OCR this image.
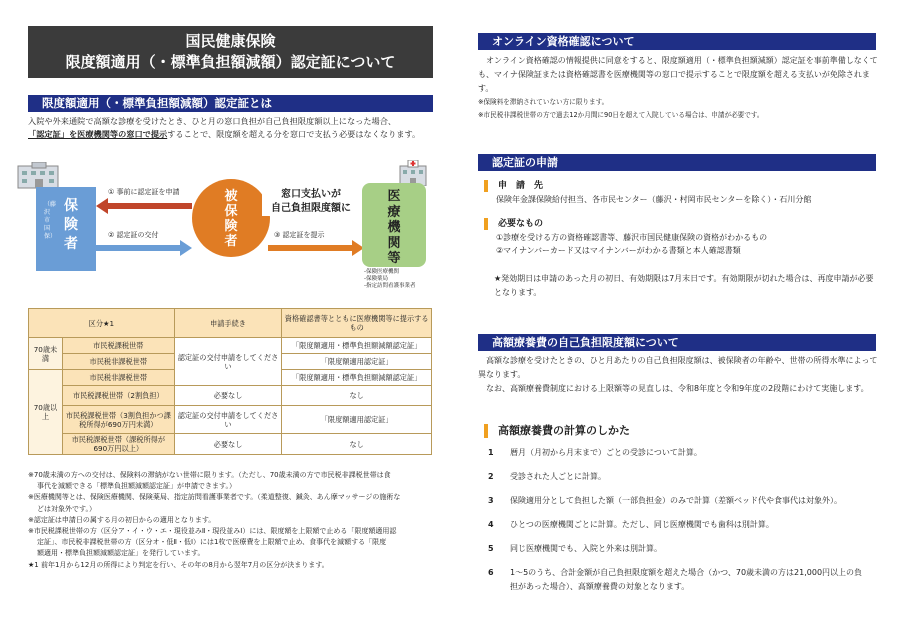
国民健康保険
限度額適用（・標準負担額減額）認定証について
限度額適用（・標準負担額減額）認定証とは
入院や外来通院で高額な診療を受けたとき、ひと月の窓口負担が自己負担限度額以上になった場合、
「認定証」を医療機関等の窓口で提示することで、限度額を超える分を窓口で支払う必要はなくなります。
（藤沢市国保）
保険者
① 事前に認定証を申請
② 認定証の交付
被保険者	③ 認定証を提示
窓口支払いが
自己負担限度額に
医療機関等
-保険医療機関
-保険薬局
-指定訪問看護事業者
区分★1		申請手続き	資格確認書等とともに医療機関等に提示するもの
70歳未満	市民税課税世帯	認定証の交付申請をしてください	「限度額適用・標準負担額減額認定証」
	市民税非課税世帯		「限度額適用認定証」
70歳以上	市民税非課税世帯		「限度額適用・標準負担額減額認定証」
	市民税課税世帯（2割負担）	必要なし	なし
	市民税課税世帯（3割負担かつ課税所得が690万円未満）	認定証の交付申請をしてください	「限度額適用認定証」
	市民税課税世帯（課税所得が690万円以上）	必要なし	なし

※70歳未満の方への交付は、保険料の滞納がない世帯に限ります。（ただし、70歳未満の方で市民税非課税世帯は食

事代を減額できる「標準負担額減額認定証」が申請できます。）

※医療機関等とは、保険医療機関、保険薬局、指定訪問看護事業者です。（柔道整復、鍼灸、あん摩マッサージの施術な

どは対象外です。）

※認定証は申請日の属する月の初日からの適用となります。

※市民税課税世帯の方（区分ア・イ・ウ・エ・現役並みⅡ・現役並みⅠ）には、限度額を上限額で止める「限度額適用認

定証」、市民税非課税世帯の方（区分オ・低Ⅱ・低Ⅰ）には1枚で医療費を上限額で止め、食事代を減額する「限度

額適用・標準負担額減額認定証」を発行しています。

★1 前年1月から12月の所得により判定を行い、その年の8月から翌年7月の区分が決まります。

オンライン資格確認について
オンライン資格確認の情報提供に同意をすると、限度額適用（・標準負担額減額）認定証を事前準備しなくても、マイナ保険証または資格確認書を医療機関等の窓口で提示することで限度額を超える支払いが免除されます。
※保険料を滞納されていない方に限ります。
※市民税非課税世帯の方で過去12か月間に90日を超えて入院している場合は、申請が必要です。
認定証の申請
申　請　先
保険年金課保険給付担当、各市民センター（藤沢・村岡市民センターを除く）・石川分館
必要なもの
①診療を受ける方の資格確認書等、藤沢市国民健康保険の資格がわかるもの
②マイナンバーカード又はマイナンバーがわかる書類と本人確認書類
★発効期日は申請のあった月の初日、有効期限は7月末日です。有効期限が切れた場合は、再度申請が必要となります。
高額療養費の自己負担限度額について
高額な診療を受けたときの、ひと月あたりの自己負担限度額は、被保険者の年齢や、世帯の所得水準によって異なります。
なお、高額療養費制度における上限額等の見直しは、令和8年度と令和9年度の2段階にわけて実施します。
高額療養費の計算のしかた
1 暦月（月初から月末まで）ごとの受診について計算。
2 受診された人ごとに計算。
3 保険適用分として負担した額（一部負担金）のみで計算（差額ベッド代や食事代は対象外）。
4 ひとつの医療機関ごとに計算。ただし、同じ医療機関でも歯科は別計算。
5 同じ医療機関でも、入院と外来は別計算。
6 1〜5のうち、合計金額が自己負担限度額を超えた場合（かつ、70歳未満の方は21,000円以上の負担があった場合）、高額療養費の対象となります。
